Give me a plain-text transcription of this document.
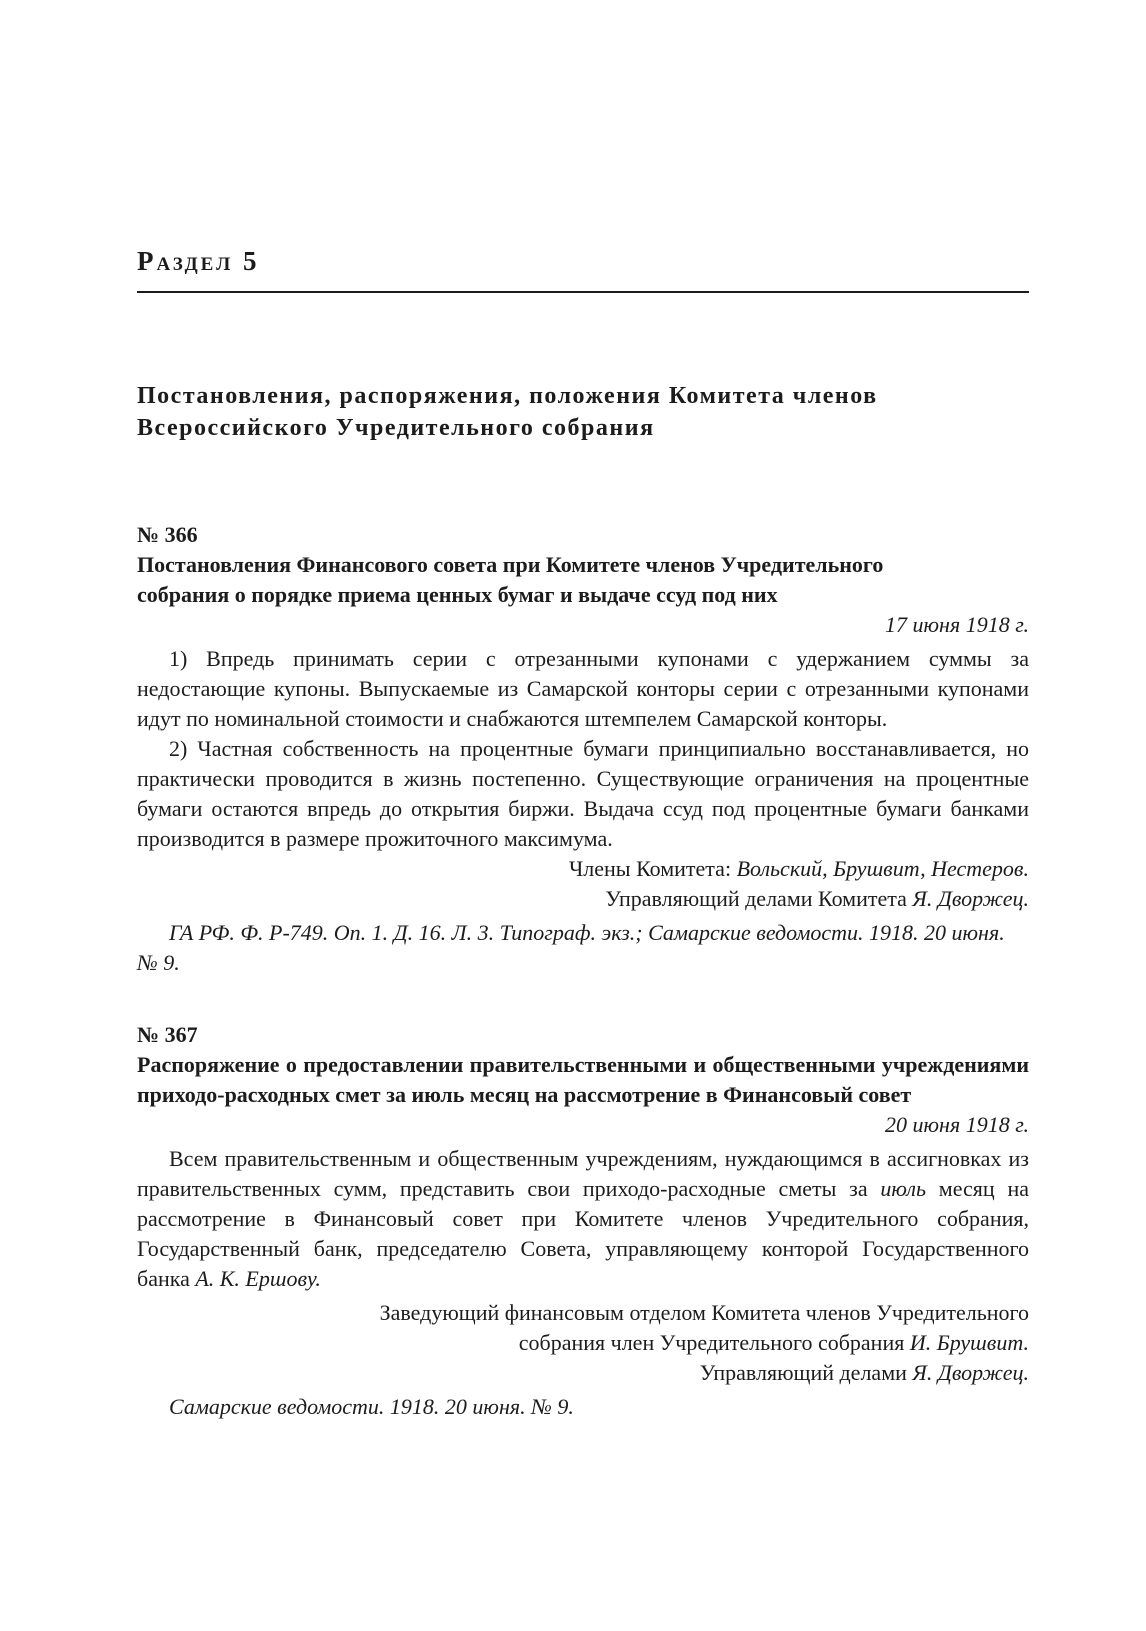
Раздел 5
Постановления, распоряжения, положения Комитета членов
Всероссийского Учредительного собрания
№ 366
Постановления Финансового совета при Комитете членов Учредительного
собрания о порядке приема ценных бумаг и выдаче ссуд под них
17 июня 1918 г.
1) Впредь принимать серии с отрезанными купонами с удержанием суммы за недостающие купоны. Выпускаемые из Самарской конторы серии с отрезанными купонами идут по номинальной стоимости и снабжаются штемпелем Самарской конторы.
2) Частная собственность на процентные бумаги принципиально восстанавливается, но практически проводится в жизнь постепенно. Существующие ограничения на процентные бумаги остаются впредь до открытия биржи. Выдача ссуд под процентные бумаги банками производится в размере прожиточного максимума.
Члены Комитета: Вольский, Брушвит, Нестеров.
Управляющий делами Комитета Я. Дворжец.
ГА РФ. Ф. Р-749. Оп. 1. Д. 16. Л. 3. Типограф. экз.; Самарские ведомости. 1918. 20 июня. № 9.
№ 367
Распоряжение о предоставлении правительственными и общественными учреждениями приходо-расходных смет за июль месяц на рассмотрение в Финансовый совет
20 июня 1918 г.
Всем правительственным и общественным учреждениям, нуждающимся в ассигновках из правительственных сумм, представить свои приходо-расходные сметы за июль месяц на рассмотрение в Финансовый совет при Комитете членов Учредительного собрания, Государственный банк, председателю Совета, управляющему конторой Государственного банка А. К. Ершову.
Заведующий финансовым отделом Комитета членов Учредительного
собрания член Учредительного собрания И. Брушвит.
Управляющий делами Я. Дворжец.
Самарские ведомости. 1918. 20 июня. № 9.
